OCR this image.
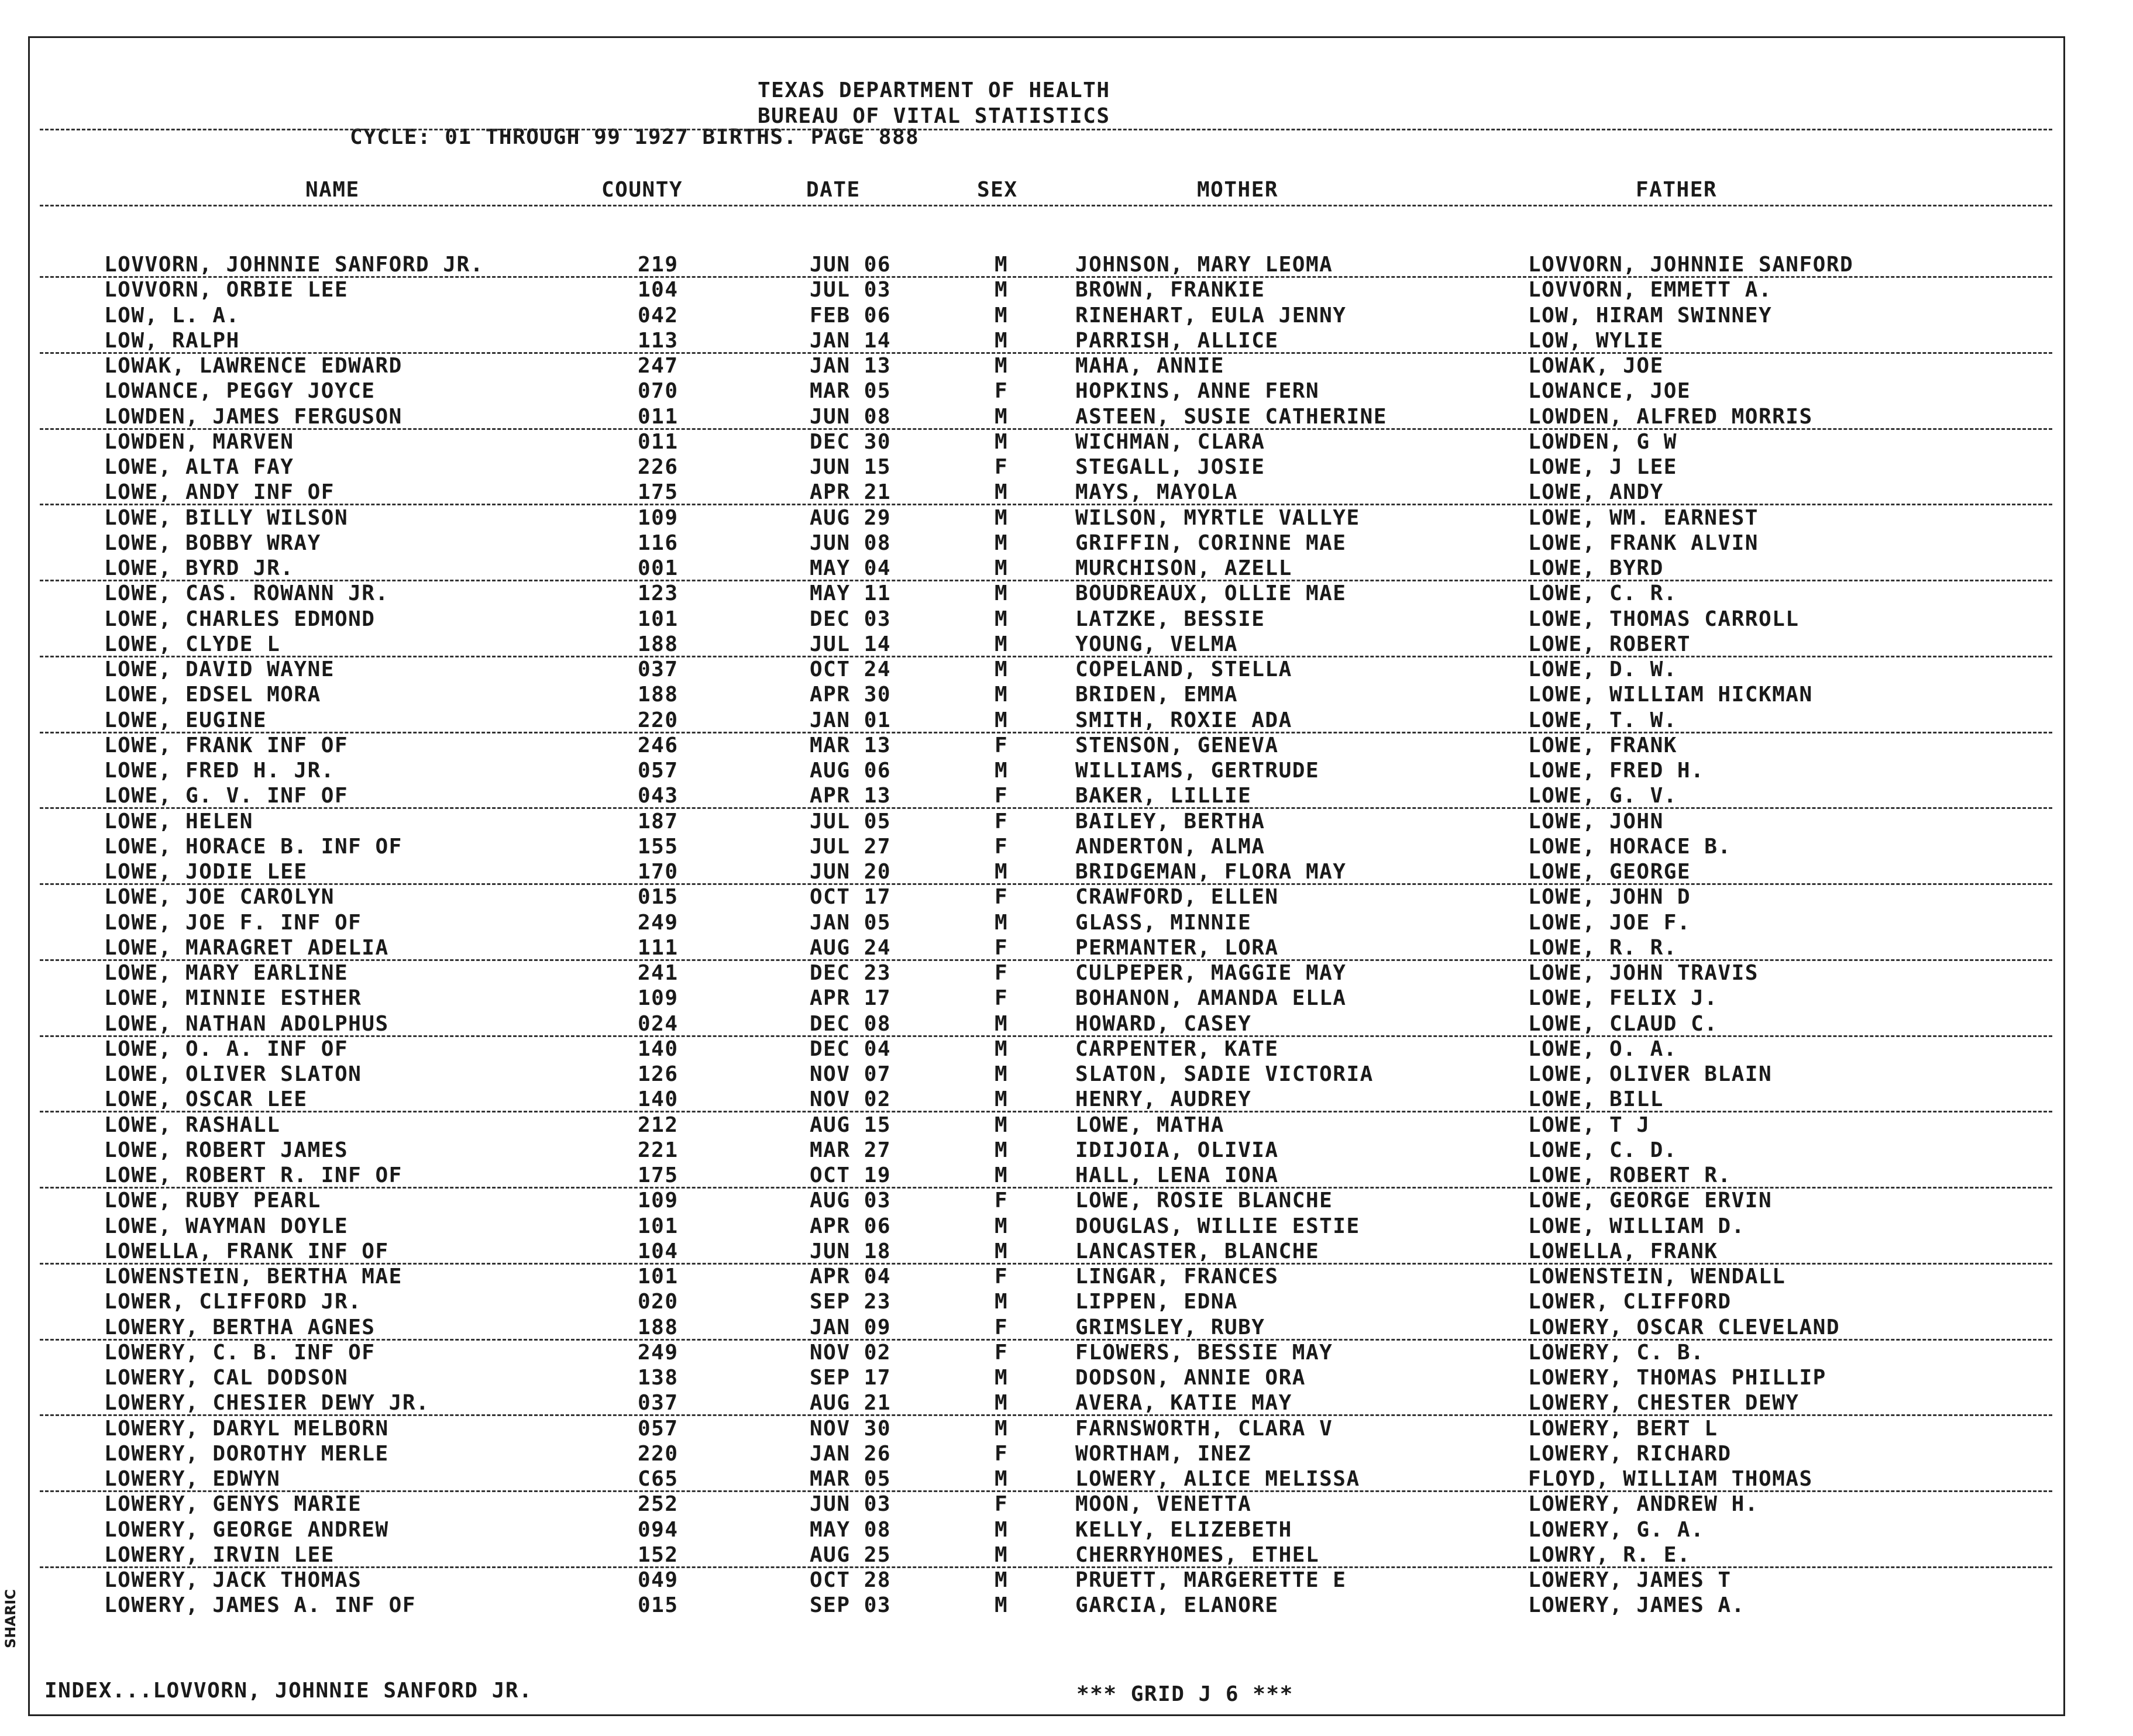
TEXAS DEPARTMENT OF HEALTH
BUREAU OF VITAL STATISTICS
CYCLE: 01 THROUGH 99 1927 BIRTHS. PAGE 888
NAME	COUNTY	DATE	SEX	MOTHER	FATHER
LOVVORN, JOHNNIE SANFORD JR.	219	JUN 06	M	JOHNSON, MARY LEOMA	LOVVORN, JOHNNIE SANFORD
LOVVORN, ORBIE LEE	104	JUL 03	M	BROWN, FRANKIE	LOVVORN, EMMETT A.
LOW, L. A.	042	FEB 06	M	RINEHART, EULA JENNY	LOW, HIRAM SWINNEY
LOW, RALPH	113	JAN 14	M	PARRISH, ALLICE	LOW, WYLIE
LOWAK, LAWRENCE EDWARD	247	JAN 13	M	MAHA, ANNIE	LOWAK, JOE
LOWANCE, PEGGY JOYCE	070	MAR 05	F	HOPKINS, ANNE FERN	LOWANCE, JOE
LOWDEN, JAMES FERGUSON	011	JUN 08	M	ASTEEN, SUSIE CATHERINE	LOWDEN, ALFRED MORRIS
LOWDEN, MARVEN	011	DEC 30	M	WICHMAN, CLARA	LOWDEN, G W
LOWE, ALTA FAY	226	JUN 15	F	STEGALL, JOSIE	LOWE, J LEE
LOWE, ANDY INF OF	175	APR 21	M	MAYS, MAYOLA	LOWE, ANDY
LOWE, BILLY WILSON	109	AUG 29	M	WILSON, MYRTLE VALLYE	LOWE, WM. EARNEST
LOWE, BOBBY WRAY	116	JUN 08	M	GRIFFIN, CORINNE MAE	LOWE, FRANK ALVIN
LOWE, BYRD JR.	001	MAY 04	M	MURCHISON, AZELL	LOWE, BYRD
LOWE, CAS. ROWANN JR.	123	MAY 11	M	BOUDREAUX, OLLIE MAE	LOWE, C. R.
LOWE, CHARLES EDMOND	101	DEC 03	M	LATZKE, BESSIE	LOWE, THOMAS CARROLL
LOWE, CLYDE L	188	JUL 14	M	YOUNG, VELMA	LOWE, ROBERT
LOWE, DAVID WAYNE	037	OCT 24	M	COPELAND, STELLA	LOWE, D. W.
LOWE, EDSEL MORA	188	APR 30	M	BRIDEN, EMMA	LOWE, WILLIAM HICKMAN
LOWE, EUGINE	220	JAN 01	M	SMITH, ROXIE ADA	LOWE, T. W.
LOWE, FRANK INF OF	246	MAR 13	F	STENSON, GENEVA	LOWE, FRANK
LOWE, FRED H. JR.	057	AUG 06	M	WILLIAMS, GERTRUDE	LOWE, FRED H.
LOWE, G. V. INF OF	043	APR 13	F	BAKER, LILLIE	LOWE, G. V.
LOWE, HELEN	187	JUL 05	F	BAILEY, BERTHA	LOWE, JOHN
LOWE, HORACE B. INF OF	155	JUL 27	F	ANDERTON, ALMA	LOWE, HORACE B.
LOWE, JODIE LEE	170	JUN 20	M	BRIDGEMAN, FLORA MAY	LOWE, GEORGE
LOWE, JOE CAROLYN	015	OCT 17	F	CRAWFORD, ELLEN	LOWE, JOHN D
LOWE, JOE F. INF OF	249	JAN 05	M	GLASS, MINNIE	LOWE, JOE F.
LOWE, MARAGRET ADELIA	111	AUG 24	F	PERMANTER, LORA	LOWE, R. R.
LOWE, MARY EARLINE	241	DEC 23	F	CULPEPER, MAGGIE MAY	LOWE, JOHN TRAVIS
LOWE, MINNIE ESTHER	109	APR 17	F	BOHANON, AMANDA ELLA	LOWE, FELIX J.
LOWE, NATHAN ADOLPHUS	024	DEC 08	M	HOWARD, CASEY	LOWE, CLAUD C.
LOWE, O. A. INF OF	140	DEC 04	M	CARPENTER, KATE	LOWE, O. A.
LOWE, OLIVER SLATON	126	NOV 07	M	SLATON, SADIE VICTORIA	LOWE, OLIVER BLAIN
LOWE, OSCAR LEE	140	NOV 02	M	HENRY, AUDREY	LOWE, BILL
LOWE, RASHALL	212	AUG 15	M	LOWE, MATHA	LOWE, T J
LOWE, ROBERT JAMES	221	MAR 27	M	IDIJOIA, OLIVIA	LOWE, C. D.
LOWE, ROBERT R. INF OF	175	OCT 19	M	HALL, LENA IONA	LOWE, ROBERT R.
LOWE, RUBY PEARL	109	AUG 03	F	LOWE, ROSIE BLANCHE	LOWE, GEORGE ERVIN
LOWE, WAYMAN DOYLE	101	APR 06	M	DOUGLAS, WILLIE ESTIE	LOWE, WILLIAM D.
LOWELLA, FRANK INF OF	104	JUN 18	M	LANCASTER, BLANCHE	LOWELLA, FRANK
LOWENSTEIN, BERTHA MAE	101	APR 04	F	LINGAR, FRANCES	LOWENSTEIN, WENDALL
LOWER, CLIFFORD JR.	020	SEP 23	M	LIPPEN, EDNA	LOWER, CLIFFORD
LOWERY, BERTHA AGNES	188	JAN 09	F	GRIMSLEY, RUBY	LOWERY, OSCAR CLEVELAND
LOWERY, C. B. INF OF	249	NOV 02	F	FLOWERS, BESSIE MAY	LOWERY, C. B.
LOWERY, CAL DODSON	138	SEP 17	M	DODSON, ANNIE ORA	LOWERY, THOMAS PHILLIP
LOWERY, CHESIER DEWY JR.	037	AUG 21	M	AVERA, KATIE MAY	LOWERY, CHESTER DEWY
LOWERY, DARYL MELBORN	057	NOV 30	M	FARNSWORTH, CLARA V	LOWERY, BERT L
LOWERY, DOROTHY MERLE	220	JAN 26	F	WORTHAM, INEZ	LOWERY, RICHARD
LOWERY, EDWYN	C65	MAR 05	M	LOWERY, ALICE MELISSA	FLOYD, WILLIAM THOMAS
LOWERY, GENYS MARIE	252	JUN 03	F	MOON, VENETTA	LOWERY, ANDREW H.
LOWERY, GEORGE ANDREW	094	MAY 08	M	KELLY, ELIZEBETH	LOWERY, G. A.
LOWERY, IRVIN LEE	152	AUG 25	M	CHERRYHOMES, ETHEL	LOWRY, R. E.
LOWERY, JACK THOMAS	049	OCT 28	M	PRUETT, MARGERETTE E	LOWERY, JAMES T
LOWERY, JAMES A. INF OF	015	SEP 03	M	GARCIA, ELANORE	LOWERY, JAMES A.
INDEX...LOVVORN, JOHNNIE SANFORD JR.	*** GRID J 6 ***
SHARIC
